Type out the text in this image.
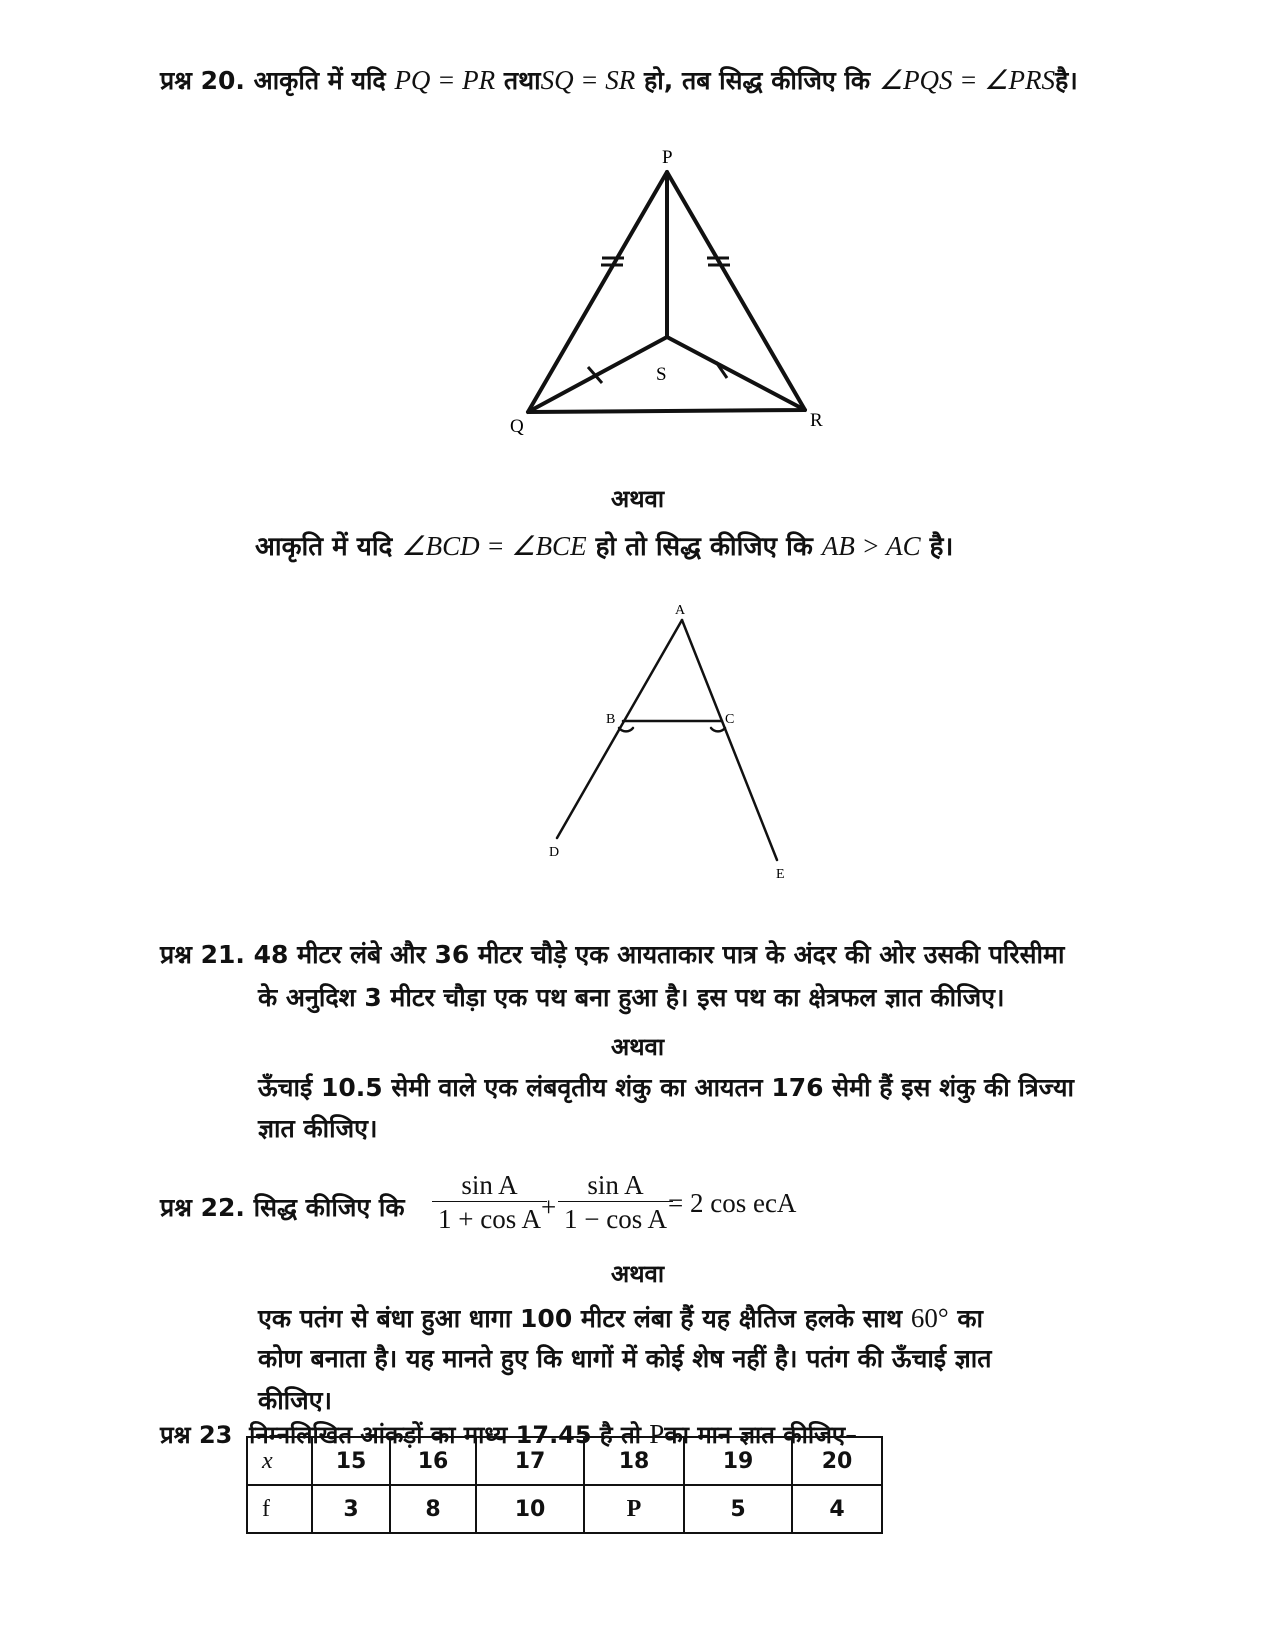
प्रश्न 20. आकृति में यदि PQ = PR तथाSQ = SR हो, तब सिद्ध कीजिए कि ∠PQS = ∠PRSहै।
P
Q	R
S
अथवा
आकृति में यदि ∠BCD = ∠BCE हो तो सिद्ध कीजिए कि AB > AC है।
A
B	C
D
E
प्रश्न 21. 48 मीटर लंबे और 36 मीटर चौड़े एक आयताकार पात्र के अंदर की ओर उसकी परिसीमा
के अनुदिश 3 मीटर चौड़ा एक पथ बना हुआ है। इस पथ का क्षेत्रफल ज्ञात कीजिए।
अथवा
ऊँचाई 10.5 सेमी वाले एक लंबवृतीय शंकु का आयतन 176 सेमी हैं इस शंकु की त्रिज्या
ज्ञात कीजिए।
प्रश्न 22. सिद्ध कीजिए कि $\frac{\text{sin A}}{\text{1 + cos A}}$
+ $\frac{\text{sin A}}{\text{1 − cos A}}$
= 2 cos ecA
अथवा
एक पतंग से बंधा हुआ धागा 100 मीटर लंबा हैं यह क्षैतिज हलके साथ 60° का
कोण बनाता है। यह मानते हुए कि धागों में कोई शेष नहीं है। पतंग की ऊँचाई ज्ञात
कीजिए।
प्रश्न 23 निम्नलिखित आंकड़ों का माध्य 17.45 है तो Pका मान ज्ञात कीजिए–
x	15	16	17	18	19	20
f	3	8	10	P	5	4
